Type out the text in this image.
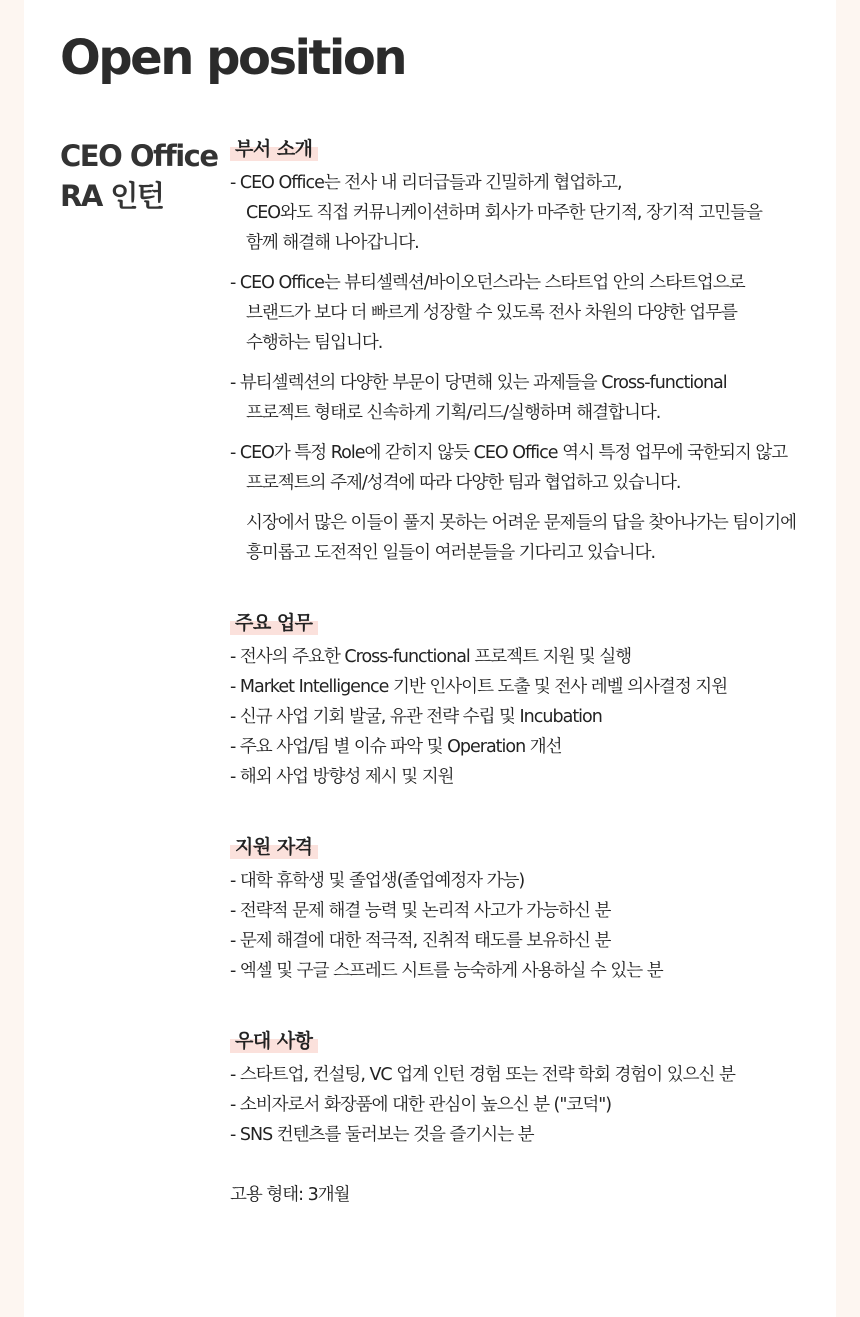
Open position
CEO Office
RA 인턴
부서 소개

- CEO Office는 전사 내 리더급들과 긴밀하게 협업하고,
CEO와도 직접 커뮤니케이션하며 회사가 마주한 단기적, 장기적 고민들을
함께 해결해 나아갑니다.

- CEO Office는 뷰티셀렉션/바이오던스라는 스타트업 안의 스타트업으로
브랜드가 보다 더 빠르게 성장할 수 있도록 전사 차원의 다양한 업무를
수행하는 팀입니다.

- 뷰티셀렉션의 다양한 부문이 당면해 있는 과제들을 Cross-functional
프로젝트 형태로 신속하게 기획/리드/실행하며 해결합니다.

- CEO가 특정 Role에 갇히지 않듯 CEO Office 역시 특정 업무에 국한되지 않고
프로젝트의 주제/성격에 따라 다양한 팀과 협업하고 있습니다.

시장에서 많은 이들이 풀지 못하는 어려운 문제들의 답을 찾아나가는 팀이기에
흥미롭고 도전적인 일들이 여러분들을 기다리고 있습니다.

주요 업무
- 전사의 주요한 Cross-functional 프로젝트 지원 및 실행
- Market Intelligence 기반 인사이트 도출 및 전사 레벨 의사결정 지원
- 신규 사업 기회 발굴, 유관 전략 수립 및 Incubation
- 주요 사업/팀 별 이슈 파악 및 Operation 개선
- 해외 사업 방향성 제시 및 지원
지원 자격
- 대학 휴학생 및 졸업생(졸업예정자 가능)
- 전략적 문제 해결 능력 및 논리적 사고가 가능하신 분
- 문제 해결에 대한 적극적, 진취적 태도를 보유하신 분
- 엑셀 및 구글 스프레드 시트를 능숙하게 사용하실 수 있는 분
우대 사항
- 스타트업, 컨설팅, VC 업계 인턴 경험 또는 전략 학회 경험이 있으신 분
- 소비자로서 화장품에 대한 관심이 높으신 분 ("코덕")
- SNS 컨텐츠를 둘러보는 것을 즐기시는 분
고용 형태: 3개월
